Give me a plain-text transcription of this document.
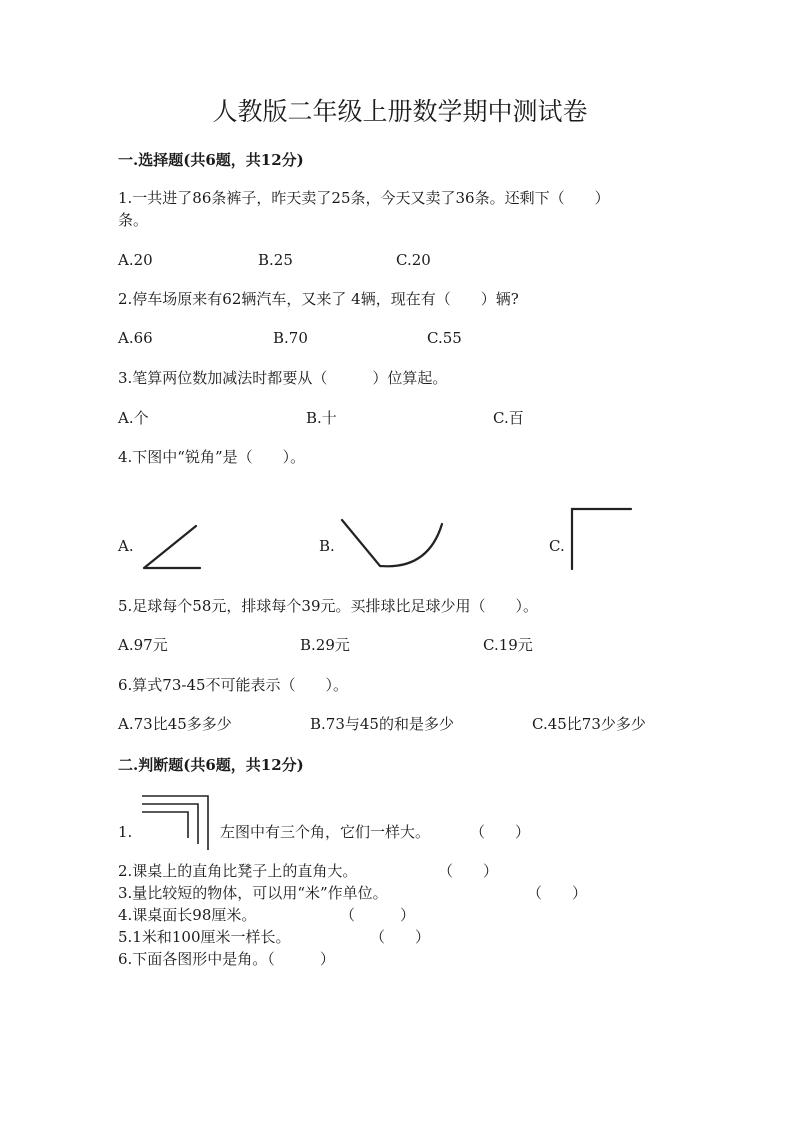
人教版二年级上册数学期中测试卷
一.选择题(共6题，共12分)
1.一共进了86条裤子，昨天卖了25条，今天又卖了36条。还剩下（　　）
条。
A.20	B.25	C.20
2.停车场原来有62辆汽车，又来了 4辆，现在有（　　）辆?
A.66	B.70	C.55
3.笔算两位数加减法时都要从（　　　）位算起。
A.个	B.十	C.百
4.下图中“锐角”是（　　）。
A.	B.	C.
5.足球每个58元，排球每个39元。买排球比足球少用（　　）。
A.97元	B.29元	C.19元
6.算式73-45不可能表示（　　）。
A.73比45多多少	B.73与45的和是多少	C.45比73少多少
二.判断题(共6题，共12分)
1.	左图中有三个角，它们一样大。	（　　）
2.课桌上的直角比凳子上的直角大。	（　　）
3.量比较短的物体，可以用“米”作单位。	（　　）
4.课桌面长98厘米。	（　　　）
5.1米和100厘米一样长。	（　　）
6.下面各图形中是角。（　　　）
